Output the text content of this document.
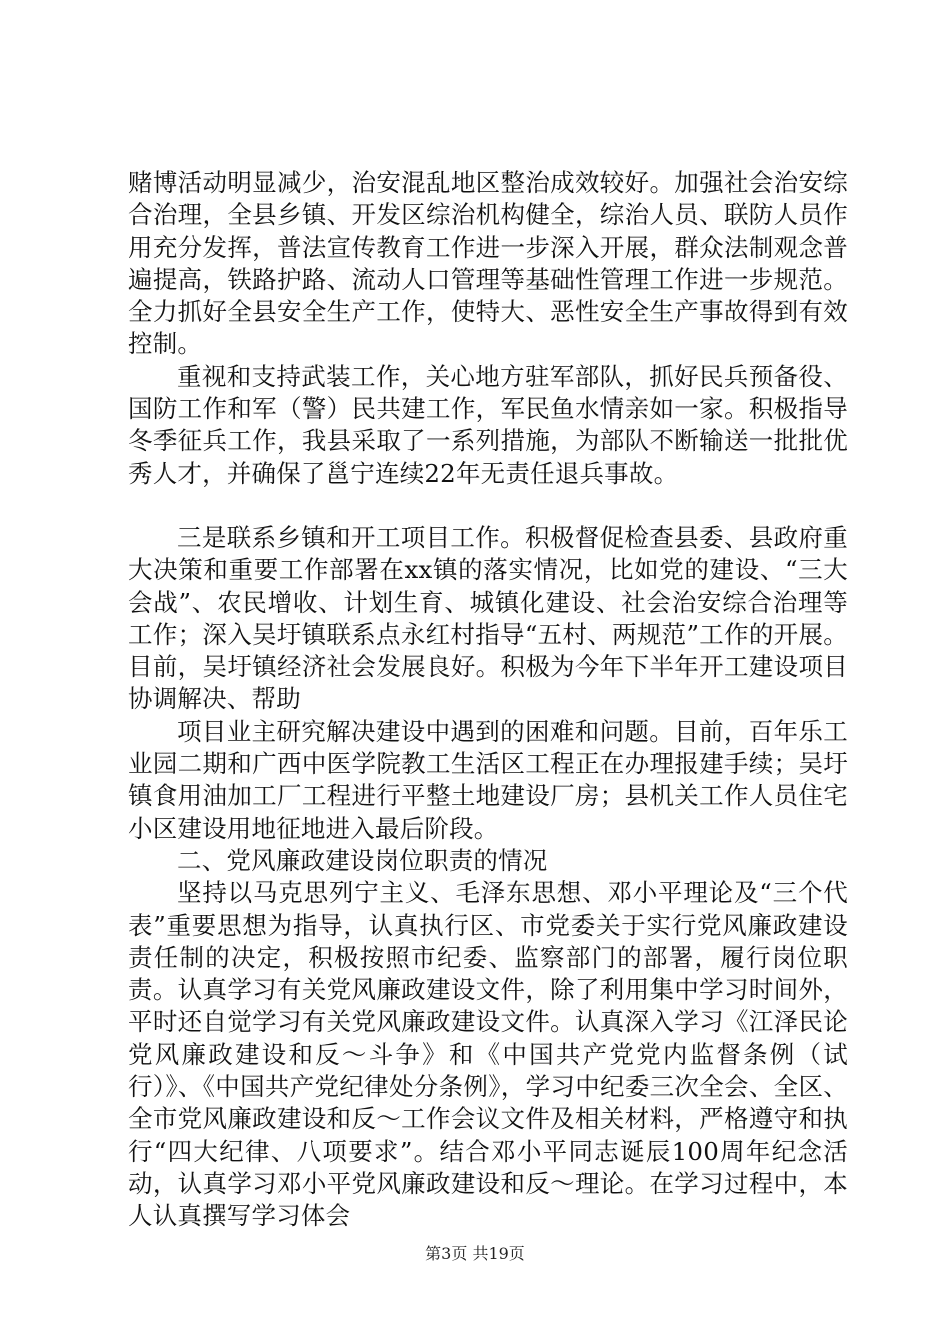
赌博活动明显减少，治安混乱地区整治成效较好。加强社会治安综合治理，全县乡镇、开发区综治机构健全，综治人员、联防人员作用充分发挥，普法宣传教育工作进一步深入开展，群众法制观念普遍提高，铁路护路、流动人口管理等基础性管理工作进一步规范。全力抓好全县安全生产工作，使特大、恶性安全生产事故得到有效控制。

重视和支持武装工作，关心地方驻军部队，抓好民兵预备役、国防工作和军（警）民共建工作，军民鱼水情亲如一家。积极指导冬季征兵工作，我县采取了一系列措施，为部队不断输送一批批优秀人才，并确保了邕宁连续22年无责任退兵事故。

三是联系乡镇和开工项目工作。积极督促检查县委、县政府重大决策和重要工作部署在xx镇的落实情况，比如党的建设、“三大会战”、农民增收、计划生育、城镇化建设、社会治安综合治理等工作；深入吴圩镇联系点永红村指导“五村、两规范”工作的开展。目前，吴圩镇经济社会发展良好。积极为今年下半年开工建设项目协调解决、帮助

项目业主研究解决建设中遇到的困难和问题。目前，百年乐工业园二期和广西中医学院教工生活区工程正在办理报建手续；吴圩镇食用油加工厂工程进行平整土地建设厂房；县机关工作人员住宅小区建设用地征地进入最后阶段。

二、党风廉政建设岗位职责的情况

坚持以马克思列宁主义、毛泽东思想、邓小平理论及“三个代表”重要思想为指导，认真执行区、市党委关于实行党风廉政建设责任制的决定，积极按照市纪委、监察部门的部署，履行岗位职责。认真学习有关党风廉政建设文件，除了利用集中学习时间外，平时还自觉学习有关党风廉政建设文件。认真深入学习《江泽民论党风廉政建设和反～斗争》和《中国共产党党内监督条例（试行）》、《中国共产党纪律处分条例》，学习中纪委三次全会、全区、全市党风廉政建设和反～工作会议文件及相关材料，严格遵守和执行“四大纪律、八项要求”。结合邓小平同志诞辰100周年纪念活动，认真学习邓小平党风廉政建设和反～理论。在学习过程中，本人认真撰写学习体会

第3页 共19页
